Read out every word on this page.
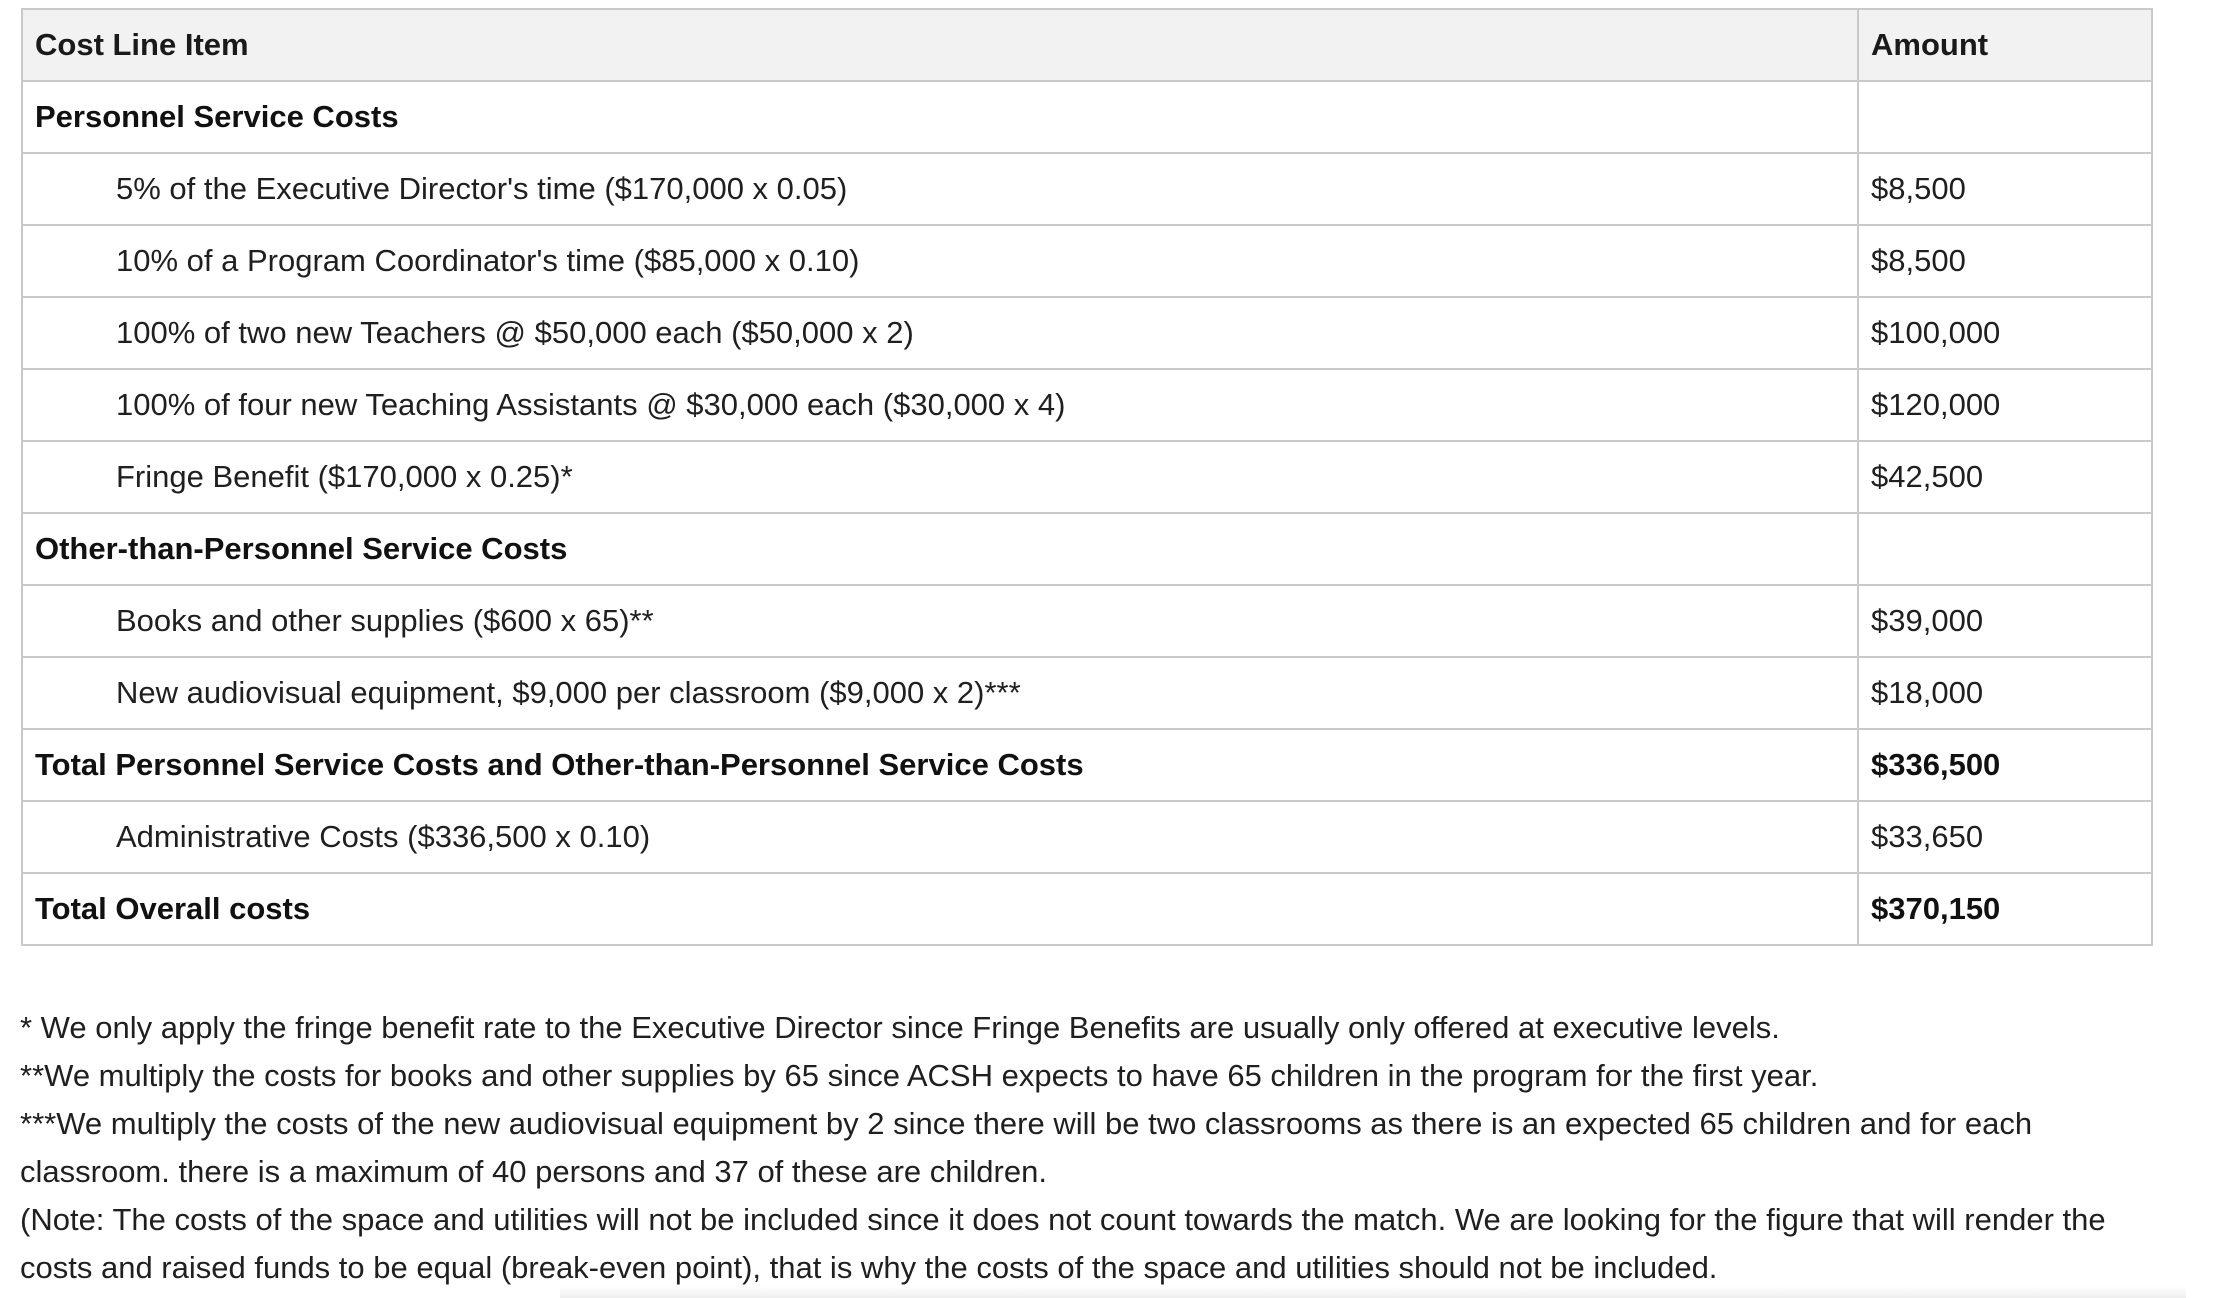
Cost Line Item	Amount
Personnel Service Costs	
5% of the Executive Director's time ($170,000 x 0.05)	$8,500
10% of a Program Coordinator's time ($85,000 x 0.10)	$8,500
100% of two new Teachers @ $50,000 each ($50,000 x 2)	$100,000
100% of four new Teaching Assistants @ $30,000 each ($30,000 x 4)	$120,000
Fringe Benefit ($170,000 x 0.25)*	$42,500
Other-than-Personnel Service Costs	
Books and other supplies ($600 x 65)**	$39,000
New audiovisual equipment, $9,000 per classroom ($9,000 x 2)***	$18,000
Total Personnel Service Costs and Other-than-Personnel Service Costs	$336,500
Administrative Costs ($336,500 x 0.10)	$33,650
Total Overall costs	$370,150

* We only apply the fringe benefit rate to the Executive Director since Fringe Benefits are usually only offered at executive levels.

**We multiply the costs for books and other supplies by 65 since ACSH expects to have 65 children in the program for the first year.

***We multiply the costs of the new audiovisual equipment by 2 since there will be two classrooms as there is an expected 65 children and for each classroom. there is a maximum of 40 persons and 37 of these are children.

(Note: The costs of the space and utilities will not be included since it does not count towards the match. We are looking for the figure that will render the costs and raised funds to be equal (break-even point), that is why the costs of the space and utilities should not be included.
